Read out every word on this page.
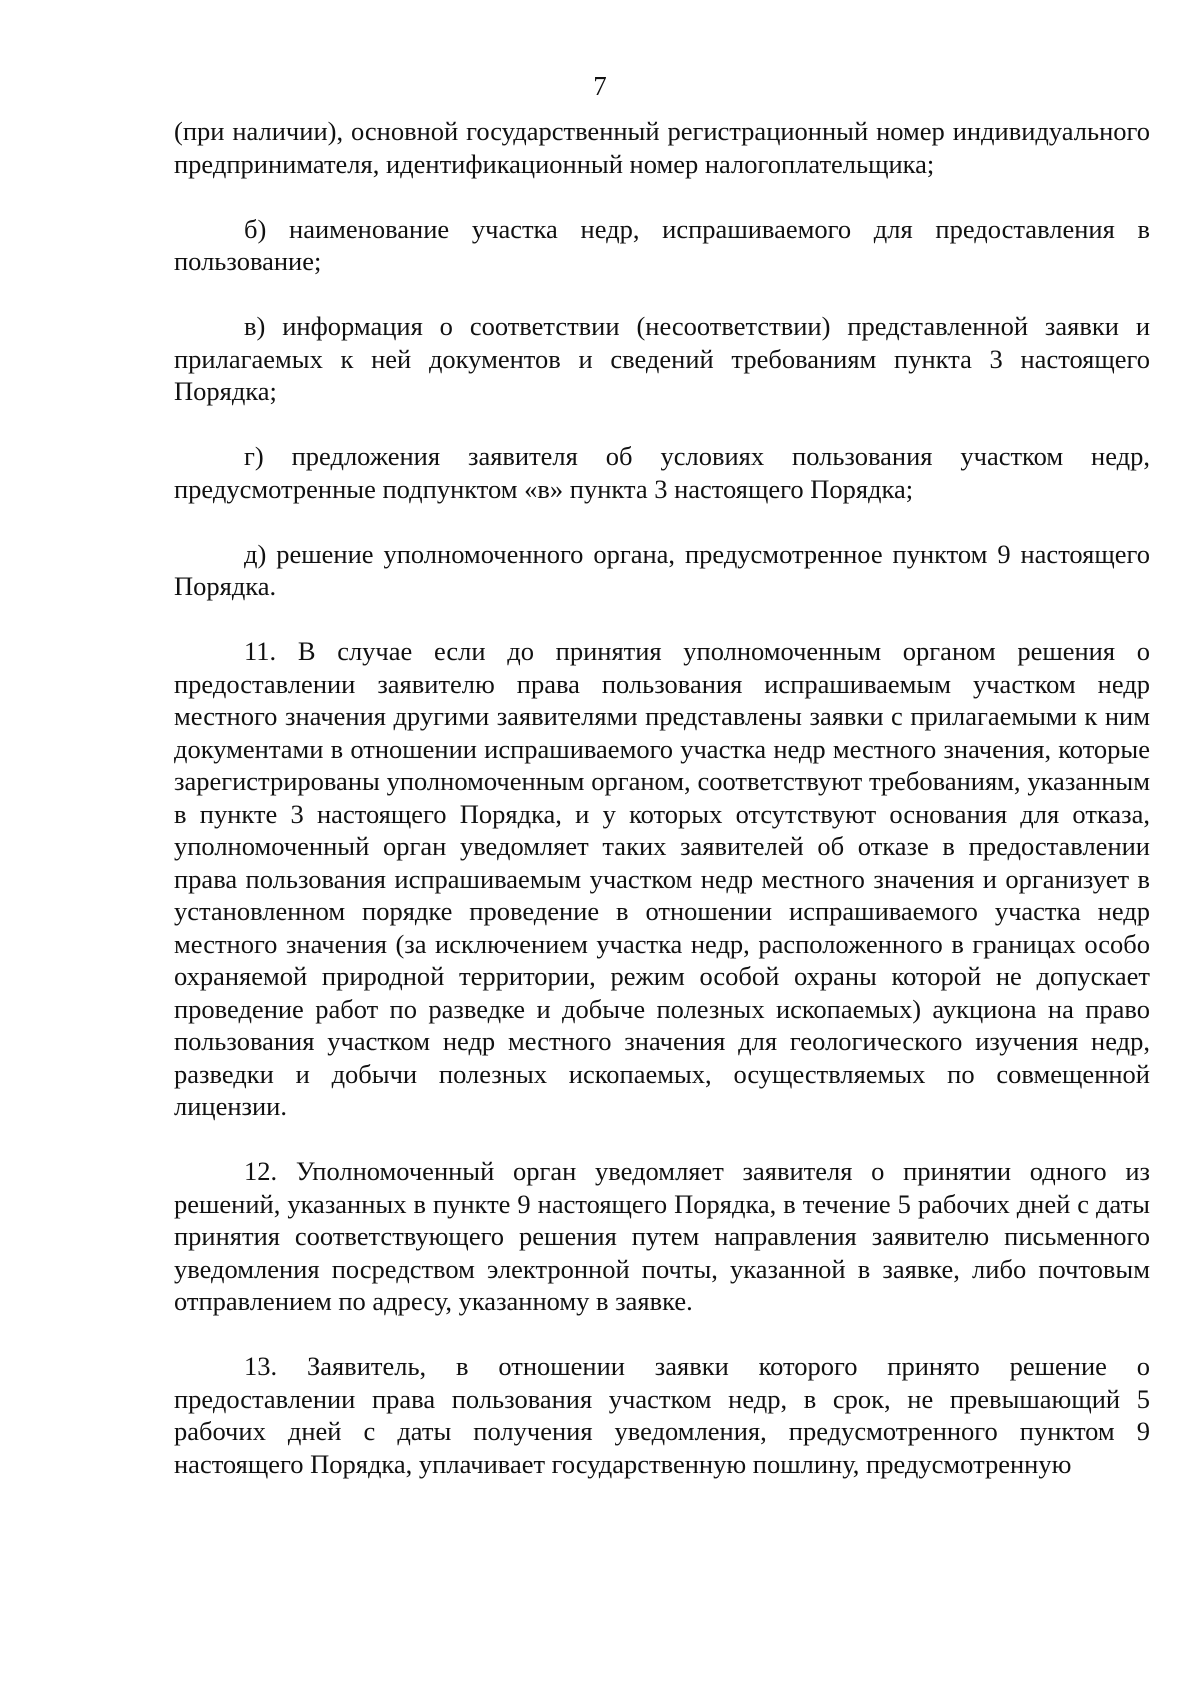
7

(при наличии), основной государственный регистрационный номер индивидуального предпринимателя, идентификационный номер налогоплательщика;

б) наименование участка недр, испрашиваемого для предоставления в пользование;

в) информация о соответствии (несоответствии) представленной заявки и прилагаемых к ней документов и сведений требованиям пункта 3 настоящего Порядка;

г) предложения заявителя об условиях пользования участком недр, предусмотренные подпунктом «в» пункта 3 настоящего Порядка;

д) решение уполномоченного органа, предусмотренное пунктом 9 настоящего Порядка.

11. В случае если до принятия уполномоченным органом решения о предоставлении заявителю права пользования испрашиваемым участком недр местного значения другими заявителями представлены заявки с прилагаемыми к ним документами в отношении испрашиваемого участка недр местного значения, которые зарегистрированы уполномоченным органом, соответствуют требованиям, указанным в пункте 3 настоящего Порядка, и у которых отсутствуют основания для отказа, уполномоченный орган уведомляет таких заявителей об отказе в предоставлении права пользования испрашиваемым участком недр местного значения и организует в установленном порядке проведение в отношении испрашиваемого участка недр местного значения (за исключением участка недр, расположенного в границах особо охраняемой природной территории, режим особой охраны которой не допускает проведение работ по разведке и добыче полезных ископаемых) аукциона на право пользования участком недр местного значения для геологического изучения недр, разведки и добычи полезных ископаемых, осуществляемых по совмещенной лицензии.

12. Уполномоченный орган уведомляет заявителя о принятии одного из решений, указанных в пункте 9 настоящего Порядка, в течение 5 рабочих дней с даты принятия соответствующего решения путем направления заявителю письменного уведомления посредством электронной почты, указанной в заявке, либо почтовым отправлением по адресу, указанному в заявке.

13. Заявитель, в отношении заявки которого принято решение о предоставлении права пользования участком недр, в срок, не превышающий 5 рабочих дней с даты получения уведомления, предусмотренного пунктом 9 настоящего Порядка, уплачивает государственную пошлину, предусмотренную
